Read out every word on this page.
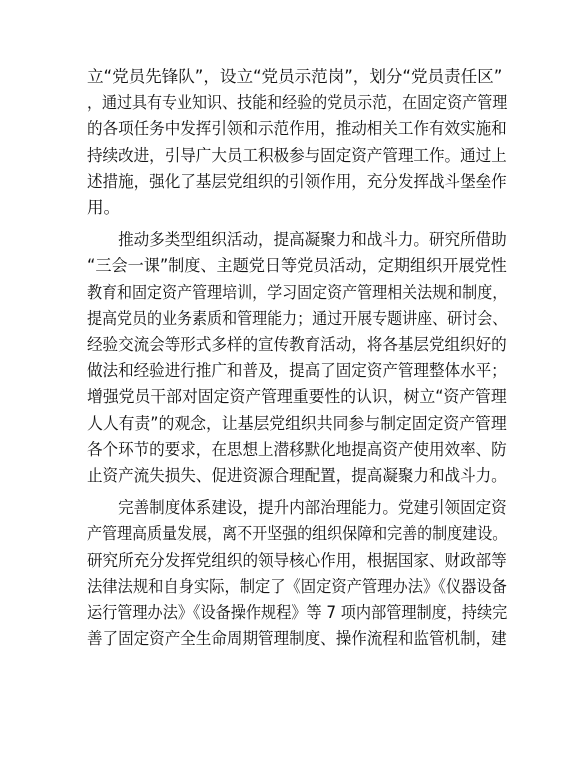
立“党员先锋队”，设立“党员示范岗”，划分“党员责任区”
，通过具有专业知识、技能和经验的党员示范，在固定资产管理
的各项任务中发挥引领和示范作用，推动相关工作有效实施和
持续改进，引导广大员工积极参与固定资产管理工作。通过上
述措施，强化了基层党组织的引领作用，充分发挥战斗堡垒作
用。

　　推动多类型组织活动，提高凝聚力和战斗力。研究所借助
“三会一课”制度、主题党日等党员活动，定期组织开展党性
教育和固定资产管理培训，学习固定资产管理相关法规和制度，
提高党员的业务素质和管理能力；通过开展专题讲座、研讨会、
经验交流会等形式多样的宣传教育活动，将各基层党组织好的
做法和经验进行推广和普及，提高了固定资产管理整体水平；
增强党员干部对固定资产管理重要性的认识，树立“资产管理
人人有责”的观念，让基层党组织共同参与制定固定资产管理
各个环节的要求，在思想上潜移默化地提高资产使用效率、防
止资产流失损失、促进资源合理配置，提高凝聚力和战斗力。

　　完善制度体系建设，提升内部治理能力。党建引领固定资
产管理高质量发展，离不开坚强的组织保障和完善的制度建设。
研究所充分发挥党组织的领导核心作用，根据国家、财政部等
法律法规和自身实际，制定了《固定资产管理办法》《仪器设备
运行管理办法》《设备操作规程》等 7 项内部管理制度，持续完
善了固定资产全生命周期管理制度、操作流程和监管机制，建
